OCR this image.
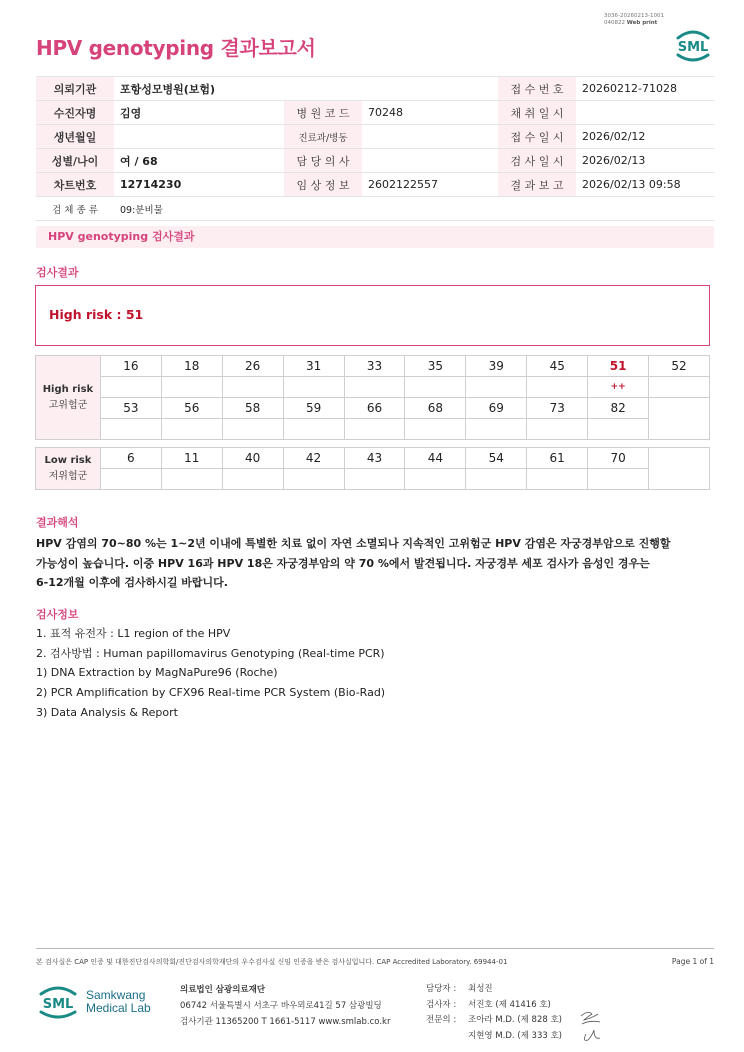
3036-20260213-1001
040822 Web print
HPV genotyping 결과보고서	SML
의뢰기관	포항성모병원(보험)			접 수 번 호	20260212-71028
수진자명	김영	병 원 코 드	70248	채 취 일 시	
생년월일		진료과/병동		접 수 일 시	2026/02/12
성별/나이	여 / 68	담 당 의 사		검 사 일 시	2026/02/13
차트번호	12714230	임 상 정 보	2602122557	결 과 보 고	2026/02/13 09:58
검 체 종 류	09:분비물				
HPV genotyping 검사결과
검사결과
High risk : 51
High risk
고위험군	16	18	26	31	33	35	39	45	51	52
									++	
	53	56	58	59	66	68	69	73	82	

Low risk
저위험군	6	11	40	42	43	44	54	61	70	

결과해석
HPV 감염의 70~80 %는 1~2년 이내에 특별한 치료 없이 자연 소멸되나 지속적인 고위험군 HPV 감염은 자궁경부암으로 진행할
가능성이 높습니다. 이중 HPV 16과 HPV 18은 자궁경부암의 약 70 %에서 발견됩니다. 자궁경부 세포 검사가 음성인 경우는
6-12개월 이후에 검사하시길 바랍니다.
검사정보
1. 표적 유전자 : L1 region of the HPV
2. 검사방법 : Human papillomavirus Genotyping (Real-time PCR)
1) DNA Extraction by MagNaPure96 (Roche)
2) PCR Amplification by CFX96 Real-time PCR System (Bio-Rad)
3) Data Analysis & Report
본 검사실은 CAP 인증 및 대한진단검사의학회/진단검사의학재단의 우수검사실 신임 인증을 받은 검사실입니다. CAP Accredited Laboratory. 69944-01	Page 1 of 1
SML
Samkwang
Medical Lab
의료법인 삼광의료재단
06742 서울특별시 서초구 바우뫼로41길 57 삼광빌딩
검사기관 11365200 T 1661-5117 www.smlab.co.kr
담당자 :	최성진
검사자 :	서진호 (제 41416 호)
전문의 :	조아라 M.D. (제 828 호)
지현영 M.D. (제 333 호)
